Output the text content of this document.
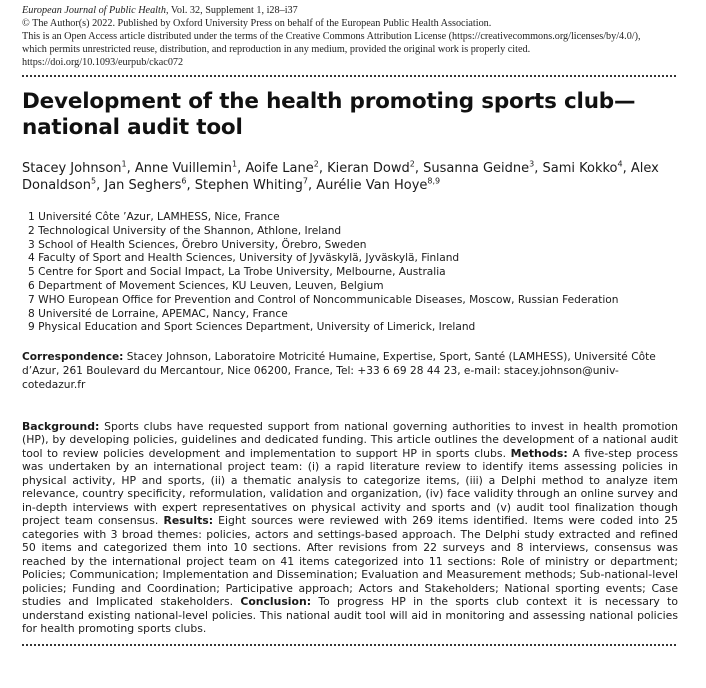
European Journal of Public Health, Vol. 32, Supplement 1, i28–i37
© The Author(s) 2022. Published by Oxford University Press on behalf of the European Public Health Association.
This is an Open Access article distributed under the terms of the Creative Commons Attribution License (https://creativecommons.org/licenses/by/4.0/),
which permits unrestricted reuse, distribution, and reproduction in any medium, provided the original work is properly cited.
https://doi.org/10.1093/eurpub/ckac072
Development of the health promoting sports club— national audit tool
Stacey Johnson$^1$, Anne Vuillemin$^1$, Aoife Lane$^2$, Kieran Dowd$^2$, Susanna Geidne$^3$, Sami Kokko$^4$, Alex Donaldson$^5$, Jan Seghers$^6$, Stephen Whiting$^7$, Aurélie Van Hoye$^{8,9}$
1 Université Côte ’Azur, LAMHESS, Nice, France
2 Technological University of the Shannon, Athlone, Ireland
3 School of Health Sciences, Örebro University, Örebro, Sweden
4 Faculty of Sport and Health Sciences, University of Jyväskylä, Jyväskylä, Finland
5 Centre for Sport and Social Impact, La Trobe University, Melbourne, Australia
6 Department of Movement Sciences, KU Leuven, Leuven, Belgium
7 WHO European Office for Prevention and Control of Noncommunicable Diseases, Moscow, Russian Federation
8 Université de Lorraine, APEMAC, Nancy, France
9 Physical Education and Sport Sciences Department, University of Limerick, Ireland
Correspondence: Stacey Johnson, Laboratoire Motricité Humaine, Expertise, Sport, Santé (LAMHESS), Université Côte d’Azur, 261 Boulevard du Mercantour, Nice 06200, France, Tel: +33 6 69 28 44 23, e-mail: stacey.johnson@univ-cotedazur.fr
Background: Sports clubs have requested support from national governing authorities to invest in health promotion (HP), by developing policies, guidelines and dedicated funding. This article outlines the development of a national audit tool to review policies development and implementation to support HP in sports clubs. Methods: A five-step process was undertaken by an international project team: (i) a rapid literature review to identify items assessing policies in physical activity, HP and sports, (ii) a thematic analysis to categorize items, (iii) a Delphi method to analyze item relevance, country specificity, reformulation, validation and organization, (iv) face validity through an online survey and in-depth interviews with expert representatives on physical activity and sports and (v) audit tool finalization though project team consensus. Results: Eight sources were reviewed with 269 items identified. Items were coded into 25 categories with 3 broad themes: policies, actors and settings-based approach. The Delphi study extracted and refined 50 items and categorized them into 10 sections. After revisions from 22 surveys and 8 interviews, consensus was reached by the international project team on 41 items categorized into 11 sections: Role of ministry or department; Policies; Communication; Implementation and Dissemination; Evaluation and Measurement methods; Sub-national-level policies; Funding and Coordination; Participative approach; Actors and Stakeholders; National sporting events; Case studies and Implicated stakeholders. Conclusion: To progress HP in the sports club context it is necessary to understand existing national-level policies. This national audit tool will aid in monitoring and assessing national policies for health promoting sports clubs.
